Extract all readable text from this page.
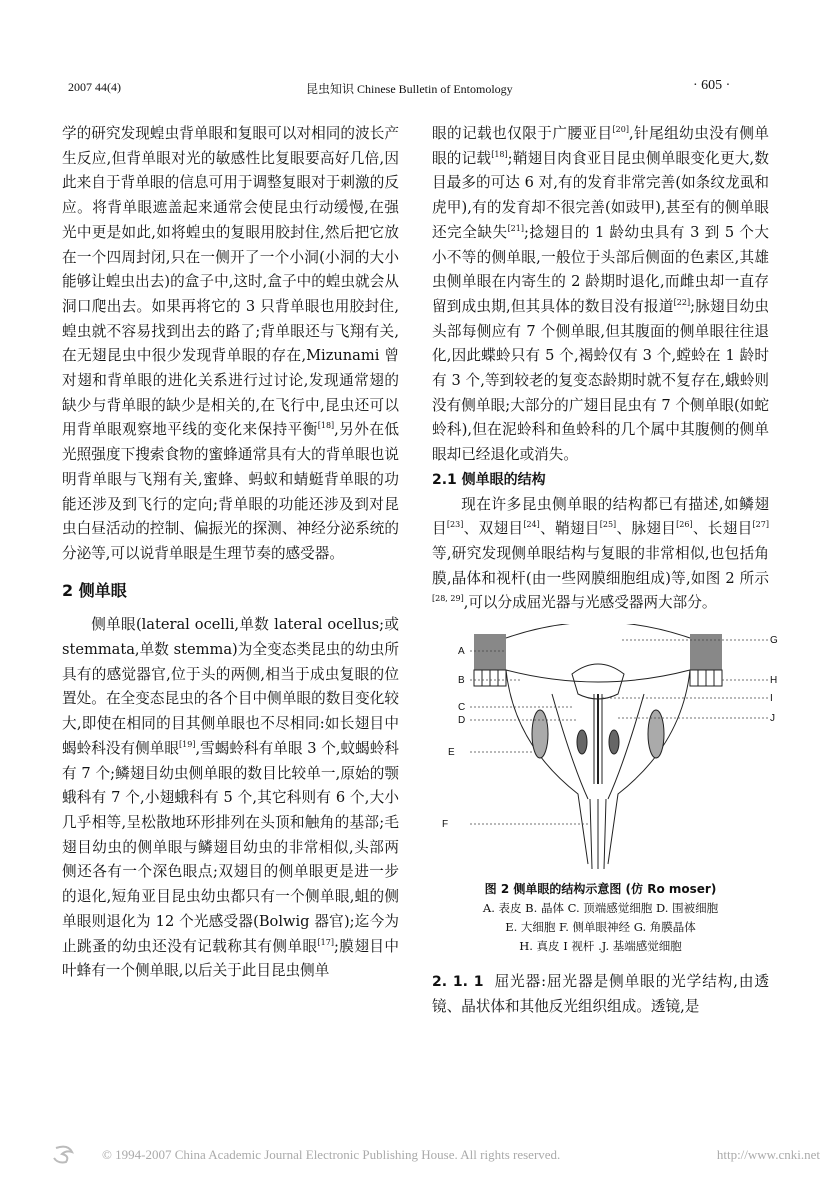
2007 44(4)	昆虫知识 Chinese Bulletin of Entomology	· 605 ·

学的研究发现蝗虫背单眼和复眼可以对相同的波长产生反应,但背单眼对光的敏感性比复眼要高好几倍,因此来自于背单眼的信息可用于调整复眼对于刺激的反应。将背单眼遮盖起来通常会使昆虫行动缓慢,在强光中更是如此,如将蝗虫的复眼用胶封住,然后把它放在一个四周封闭,只在一侧开了一个小洞(小洞的大小能够让蝗虫出去)的盒子中,这时,盒子中的蝗虫就会从洞口爬出去。如果再将它的 3 只背单眼也用胶封住,蝗虫就不容易找到出去的路了;背单眼还与飞翔有关,在无翅昆虫中很少发现背单眼的存在,Mizunami 曾对翅和背单眼的进化关系进行过讨论,发现通常翅的缺少与背单眼的缺少是相关的,在飞行中,昆虫还可以用背单眼观察地平线的变化来保持平衡[18],另外在低光照强度下搜索食物的蜜蜂通常具有大的背单眼也说明背单眼与飞翔有关,蜜蜂、蚂蚁和蜻蜓背单眼的功能还涉及到飞行的定向;背单眼的功能还涉及到对昆虫白昼活动的控制、偏振光的探测、神经分泌系统的分泌等,可以说背单眼是生理节奏的感受器。

2 侧单眼

侧单眼(lateral ocelli,单数 lateral ocellus;或 stemmata,单数 stemma)为全变态类昆虫的幼虫所具有的感觉器官,位于头的两侧,相当于成虫复眼的位置处。在全变态昆虫的各个目中侧单眼的数目变化较大,即使在相同的目其侧单眼也不尽相同:如长翅目中蝎蛉科没有侧单眼[19],雪蝎蛉科有单眼 3 个,蚊蝎蛉科有 7 个;鳞翅目幼虫侧单眼的数目比较单一,原始的颚蛾科有 7 个,小翅蛾科有 5 个,其它科则有 6 个,大小几乎相等,呈松散地环形排列在头顶和触角的基部;毛翅目幼虫的侧单眼与鳞翅目幼虫的非常相似,头部两侧还各有一个深色眼点;双翅目的侧单眼更是进一步的退化,短角亚目昆虫幼虫都只有一个侧单眼,蛆的侧单眼则退化为 12 个光感受器(Bolwig 器官);迄今为止跳蚤的幼虫还没有记载称其有侧单眼[17];膜翅目中叶蜂有一个侧单眼,以后关于此目昆虫侧单

眼的记载也仅限于广腰亚目[20],针尾组幼虫没有侧单眼的记载[18];鞘翅目肉食亚目昆虫侧单眼变化更大,数目最多的可达 6 对,有的发育非常完善(如条纹龙虱和虎甲),有的发育却不很完善(如豉甲),甚至有的侧单眼还完全缺失[21];捻翅目的 1 龄幼虫具有 3 到 5 个大小不等的侧单眼,一般位于头部后侧面的色素区,其雄虫侧单眼在内寄生的 2 龄期时退化,而雌虫却一直存留到成虫期,但其具体的数目没有报道[22];脉翅目幼虫头部每侧应有 7 个侧单眼,但其腹面的侧单眼往往退化,因此蝶蛉只有 5 个,褐蛉仅有 3 个,螳蛉在 1 龄时有 3 个,等到较老的复变态龄期时就不复存在,蛾蛉则没有侧单眼;大部分的广翅目昆虫有 7 个侧单眼(如蛇蛉科),但在泥蛉科和鱼蛉科的几个属中其腹侧的侧单眼却已经退化或消失。

2.1 侧单眼的结构

现在许多昆虫侧单眼的结构都已有描述,如鳞翅目[23]、双翅目[24]、鞘翅目[25]、脉翅目[26]、长翅目[27]等,研究发现侧单眼结构与复眼的非常相似,也包括角膜,晶体和视杆(由一些网膜细胞组成)等,如图 2 所示[28, 29],可以分成屈光器与光感受器两大部分。

A
B
C
D
E
F
G
H
I
J
图 2 侧单眼的结构示意图 (仿 Ro moser)
A. 表皮 B. 晶体 C. 顶端感觉细胞 D. 围被细胞
E. 大细胞 F. 侧单眼神经 G. 角膜晶体
H. 真皮 I 视杆 .J. 基端感觉细胞

2. 1. 1 屈光器:屈光器是侧单眼的光学结构,由透镜、晶状体和其他反光组织组成。透镜,是

© 1994-2007 China Academic Journal Electronic Publishing House. All rights reserved.	http://www.cnki.net
